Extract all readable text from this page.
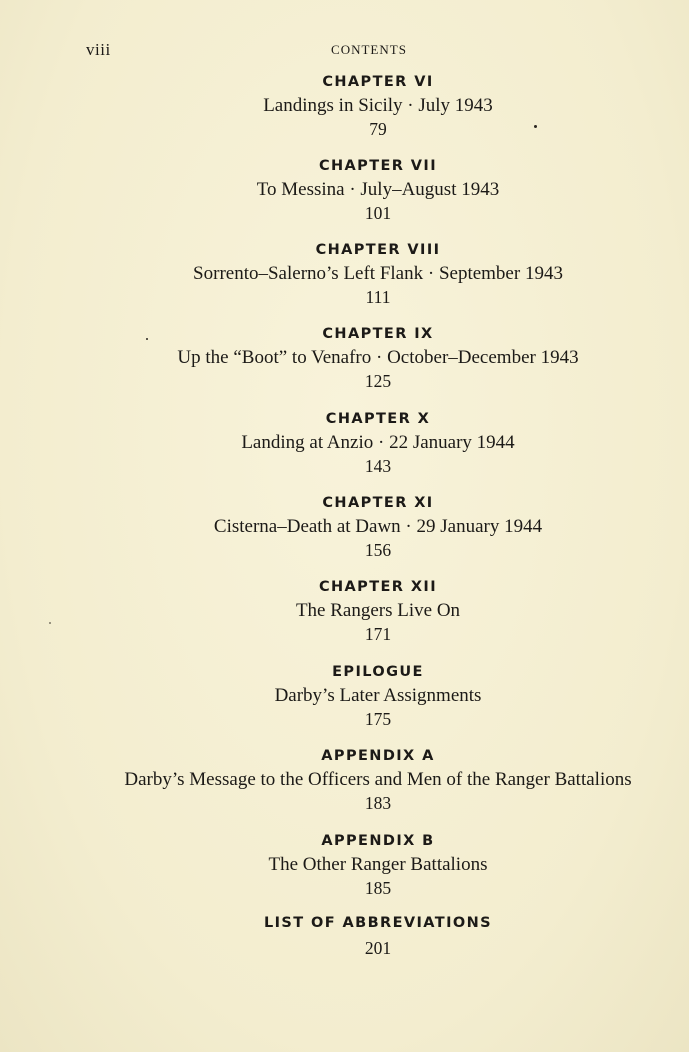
viii	CONTENTS
CHAPTER VI
Landings in Sicily · July 1943
79
CHAPTER VII
To Messina · July–August 1943
101
CHAPTER VIII
Sorrento–Salerno’s Left Flank · September 1943
111
CHAPTER IX
Up the “Boot” to Venafro · October–December 1943
125
CHAPTER X
Landing at Anzio · 22 January 1944
143
CHAPTER XI
Cisterna–Death at Dawn · 29 January 1944
156
CHAPTER XII
The Rangers Live On
171
EPILOGUE
Darby’s Later Assignments
175
APPENDIX A
Darby’s Message to the Officers and Men of the Ranger Battalions
183
APPENDIX B
The Other Ranger Battalions
185
LIST OF ABBREVIATIONS
201
